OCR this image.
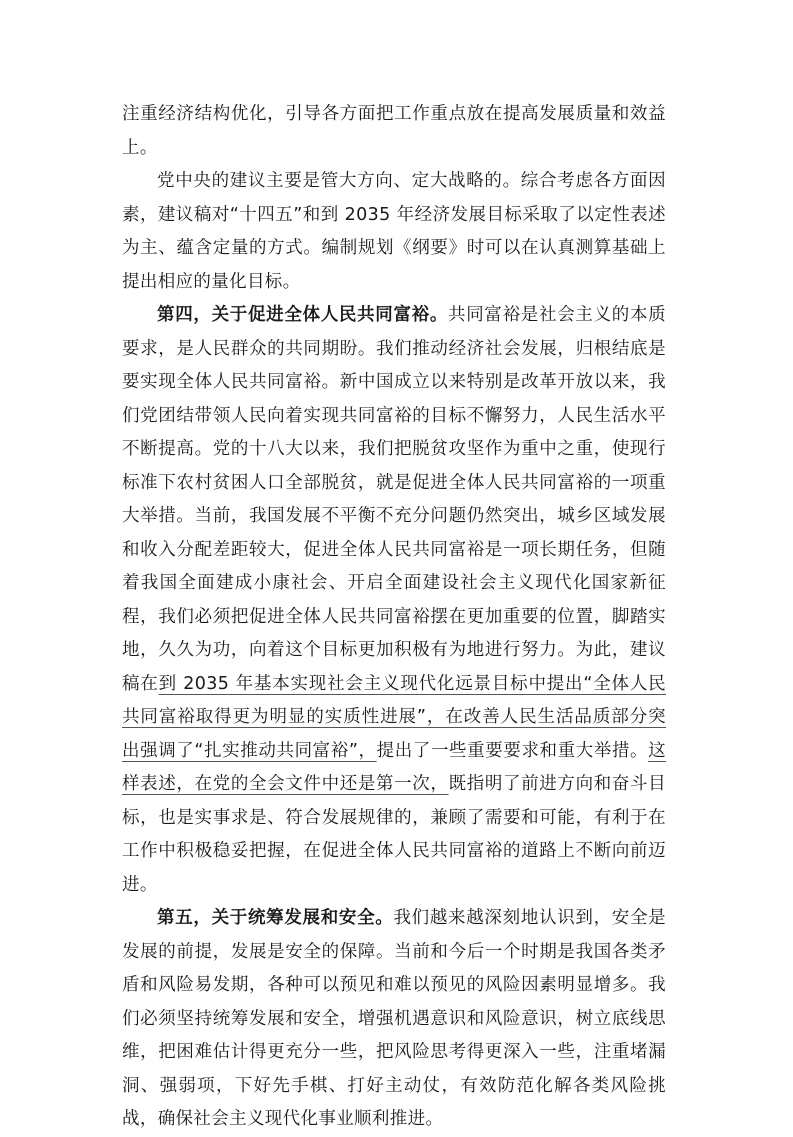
注重经济结构优化，引导各方面把工作重点放在提高发展质量和效益上。

党中央的建议主要是管大方向、定大战略的。综合考虑各方面因素，建议稿对“十四五”和到 2035 年经济发展目标采取了以定性表述为主、蕴含定量的方式。编制规划《纲要》时可以在认真测算基础上提出相应的量化目标。

第四，关于促进全体人民共同富裕。共同富裕是社会主义的本质要求，是人民群众的共同期盼。我们推动经济社会发展，归根结底是要实现全体人民共同富裕。新中国成立以来特别是改革开放以来，我们党团结带领人民向着实现共同富裕的目标不懈努力，人民生活水平不断提高。党的十八大以来，我们把脱贫攻坚作为重中之重，使现行标准下农村贫困人口全部脱贫，就是促进全体人民共同富裕的一项重大举措。当前，我国发展不平衡不充分问题仍然突出，城乡区域发展和收入分配差距较大，促进全体人民共同富裕是一项长期任务，但随着我国全面建成小康社会、开启全面建设社会主义现代化国家新征程，我们必须把促进全体人民共同富裕摆在更加重要的位置，脚踏实地，久久为功，向着这个目标更加积极有为地进行努力。为此，建议稿在到 2035 年基本实现社会主义现代化远景目标中提出“全体人民共同富裕取得更为明显的实质性进展”，在改善人民生活品质部分突出强调了“扎实推动共同富裕”，提出了一些重要要求和重大举措。这样表述，在党的全会文件中还是第一次，既指明了前进方向和奋斗目标，也是实事求是、符合发展规律的，兼顾了需要和可能，有利于在工作中积极稳妥把握，在促进全体人民共同富裕的道路上不断向前迈进。

第五，关于统筹发展和安全。我们越来越深刻地认识到，安全是发展的前提，发展是安全的保障。当前和今后一个时期是我国各类矛盾和风险易发期，各种可以预见和难以预见的风险因素明显增多。我们必须坚持统筹发展和安全，增强机遇意识和风险意识，树立底线思维，把困难估计得更充分一些，把风险思考得更深入一些，注重堵漏洞、强弱项，下好先手棋、打好主动仗，有效防范化解各类风险挑战，确保社会主义现代化事业顺利推进。
